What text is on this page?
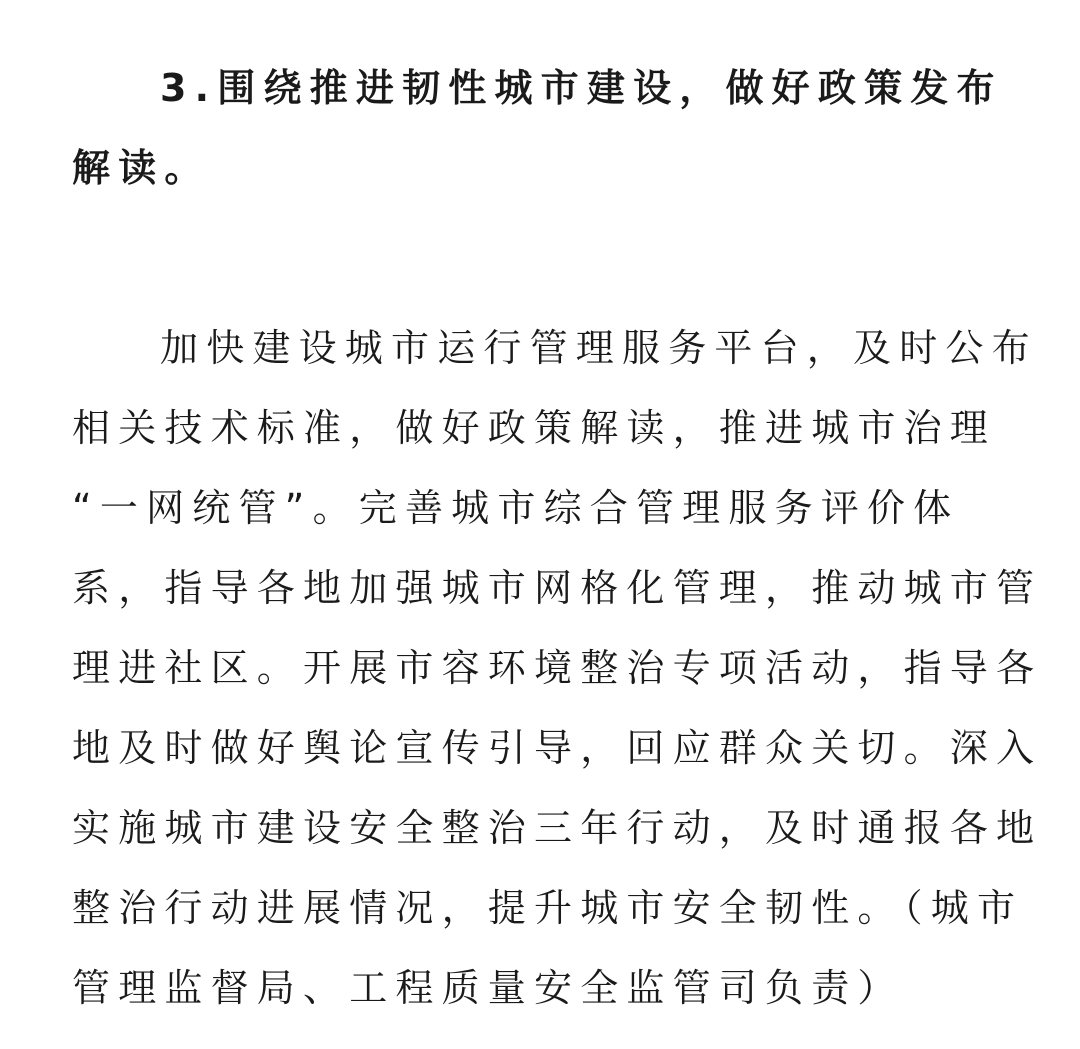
3.围绕推进韧性城市建设，做好政策发布
解读。
加快建设城市运行管理服务平台，及时公布
相关技术标准，做好政策解读，推进城市治理
“一网统管”。完善城市综合管理服务评价体
系，指导各地加强城市网格化管理，推动城市管
理进社区。开展市容环境整治专项活动，指导各
地及时做好舆论宣传引导，回应群众关切。深入
实施城市建设安全整治三年行动，及时通报各地
整治行动进展情况，提升城市安全韧性。（城市
管理监督局、工程质量安全监管司负责）
